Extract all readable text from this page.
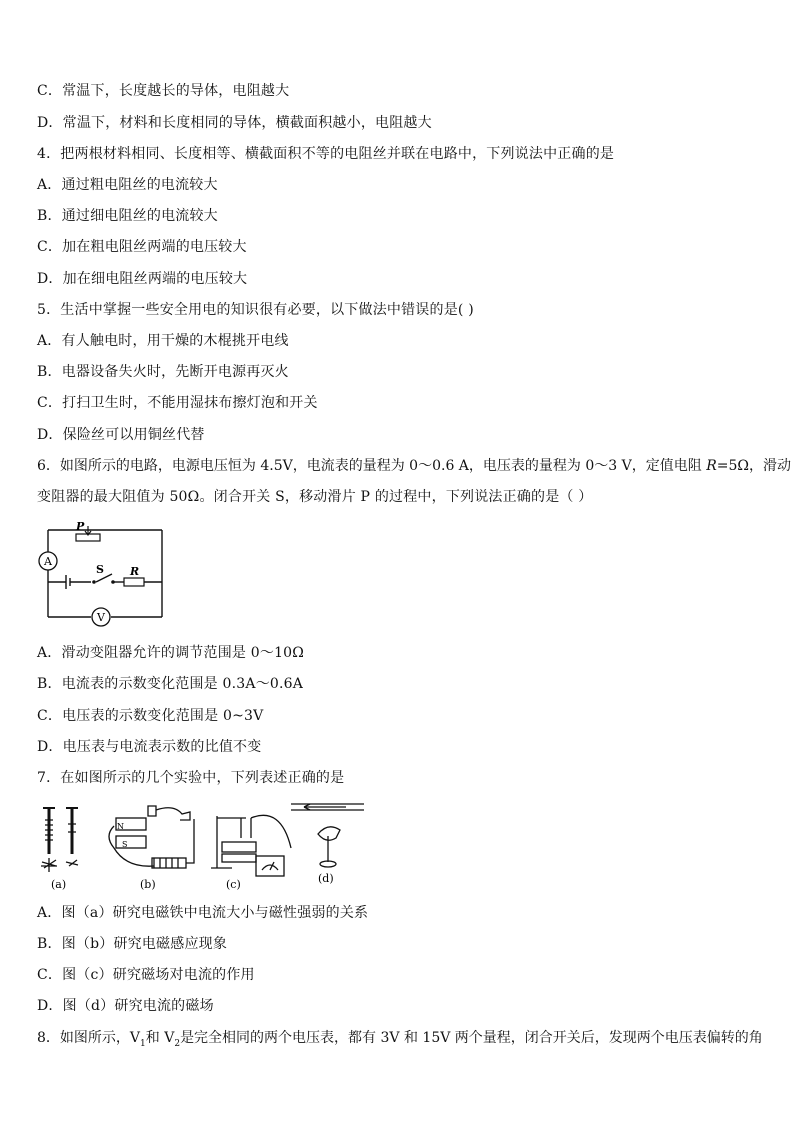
C．常温下，长度越长的导体，电阻越大
D．常温下，材料和长度相同的导体，横截面积越小，电阻越大
4．把两根材料相同、长度相等、横截面积不等的电阻丝并联在电路中，下列说法中正确的是
A．通过粗电阻丝的电流较大
B．通过细电阻丝的电流较大
C．加在粗电阻丝两端的电压较大
D．加在细电阻丝两端的电压较大
5．生活中掌握一些安全用电的知识很有必要，以下做法中错误的是( )
A．有人触电时，用干燥的木棍挑开电线
B．电器设备失火时，先断开电源再灭火
C．打扫卫生时，不能用湿抹布擦灯泡和开关
D．保险丝可以用铜丝代替
6．如图所示的电路，电源电压恒为 4.5V，电流表的量程为 0～0.6 A，电压表的量程为 0～3 V，定值电阻 R=5Ω，滑动
变阻器的最大阻值为 50Ω。闭合开关 S，移动滑片 P 的过程中，下列说法正确的是（ ）
P
A
S R
V
A．滑动变阻器允许的调节范围是 0～10Ω
B．电流表的示数变化范围是 0.3A～0.6A
C．电压表的示数变化范围是 0~3V
D．电压表与电流表示数的比值不变
7．在如图所示的几个实验中，下列表述正确的是
(a)
N
S
(b)	(c)	(d)
A．图（a）研究电磁铁中电流大小与磁性强弱的关系
B．图（b）研究电磁感应现象
C．图（c）研究磁场对电流的作用
D．图（d）研究电流的磁场
8．如图所示，$V_1$和 $V_2$是完全相同的两个电压表，都有 3V 和 15V 两个量程，闭合开关后，发现两个电压表偏转的角
